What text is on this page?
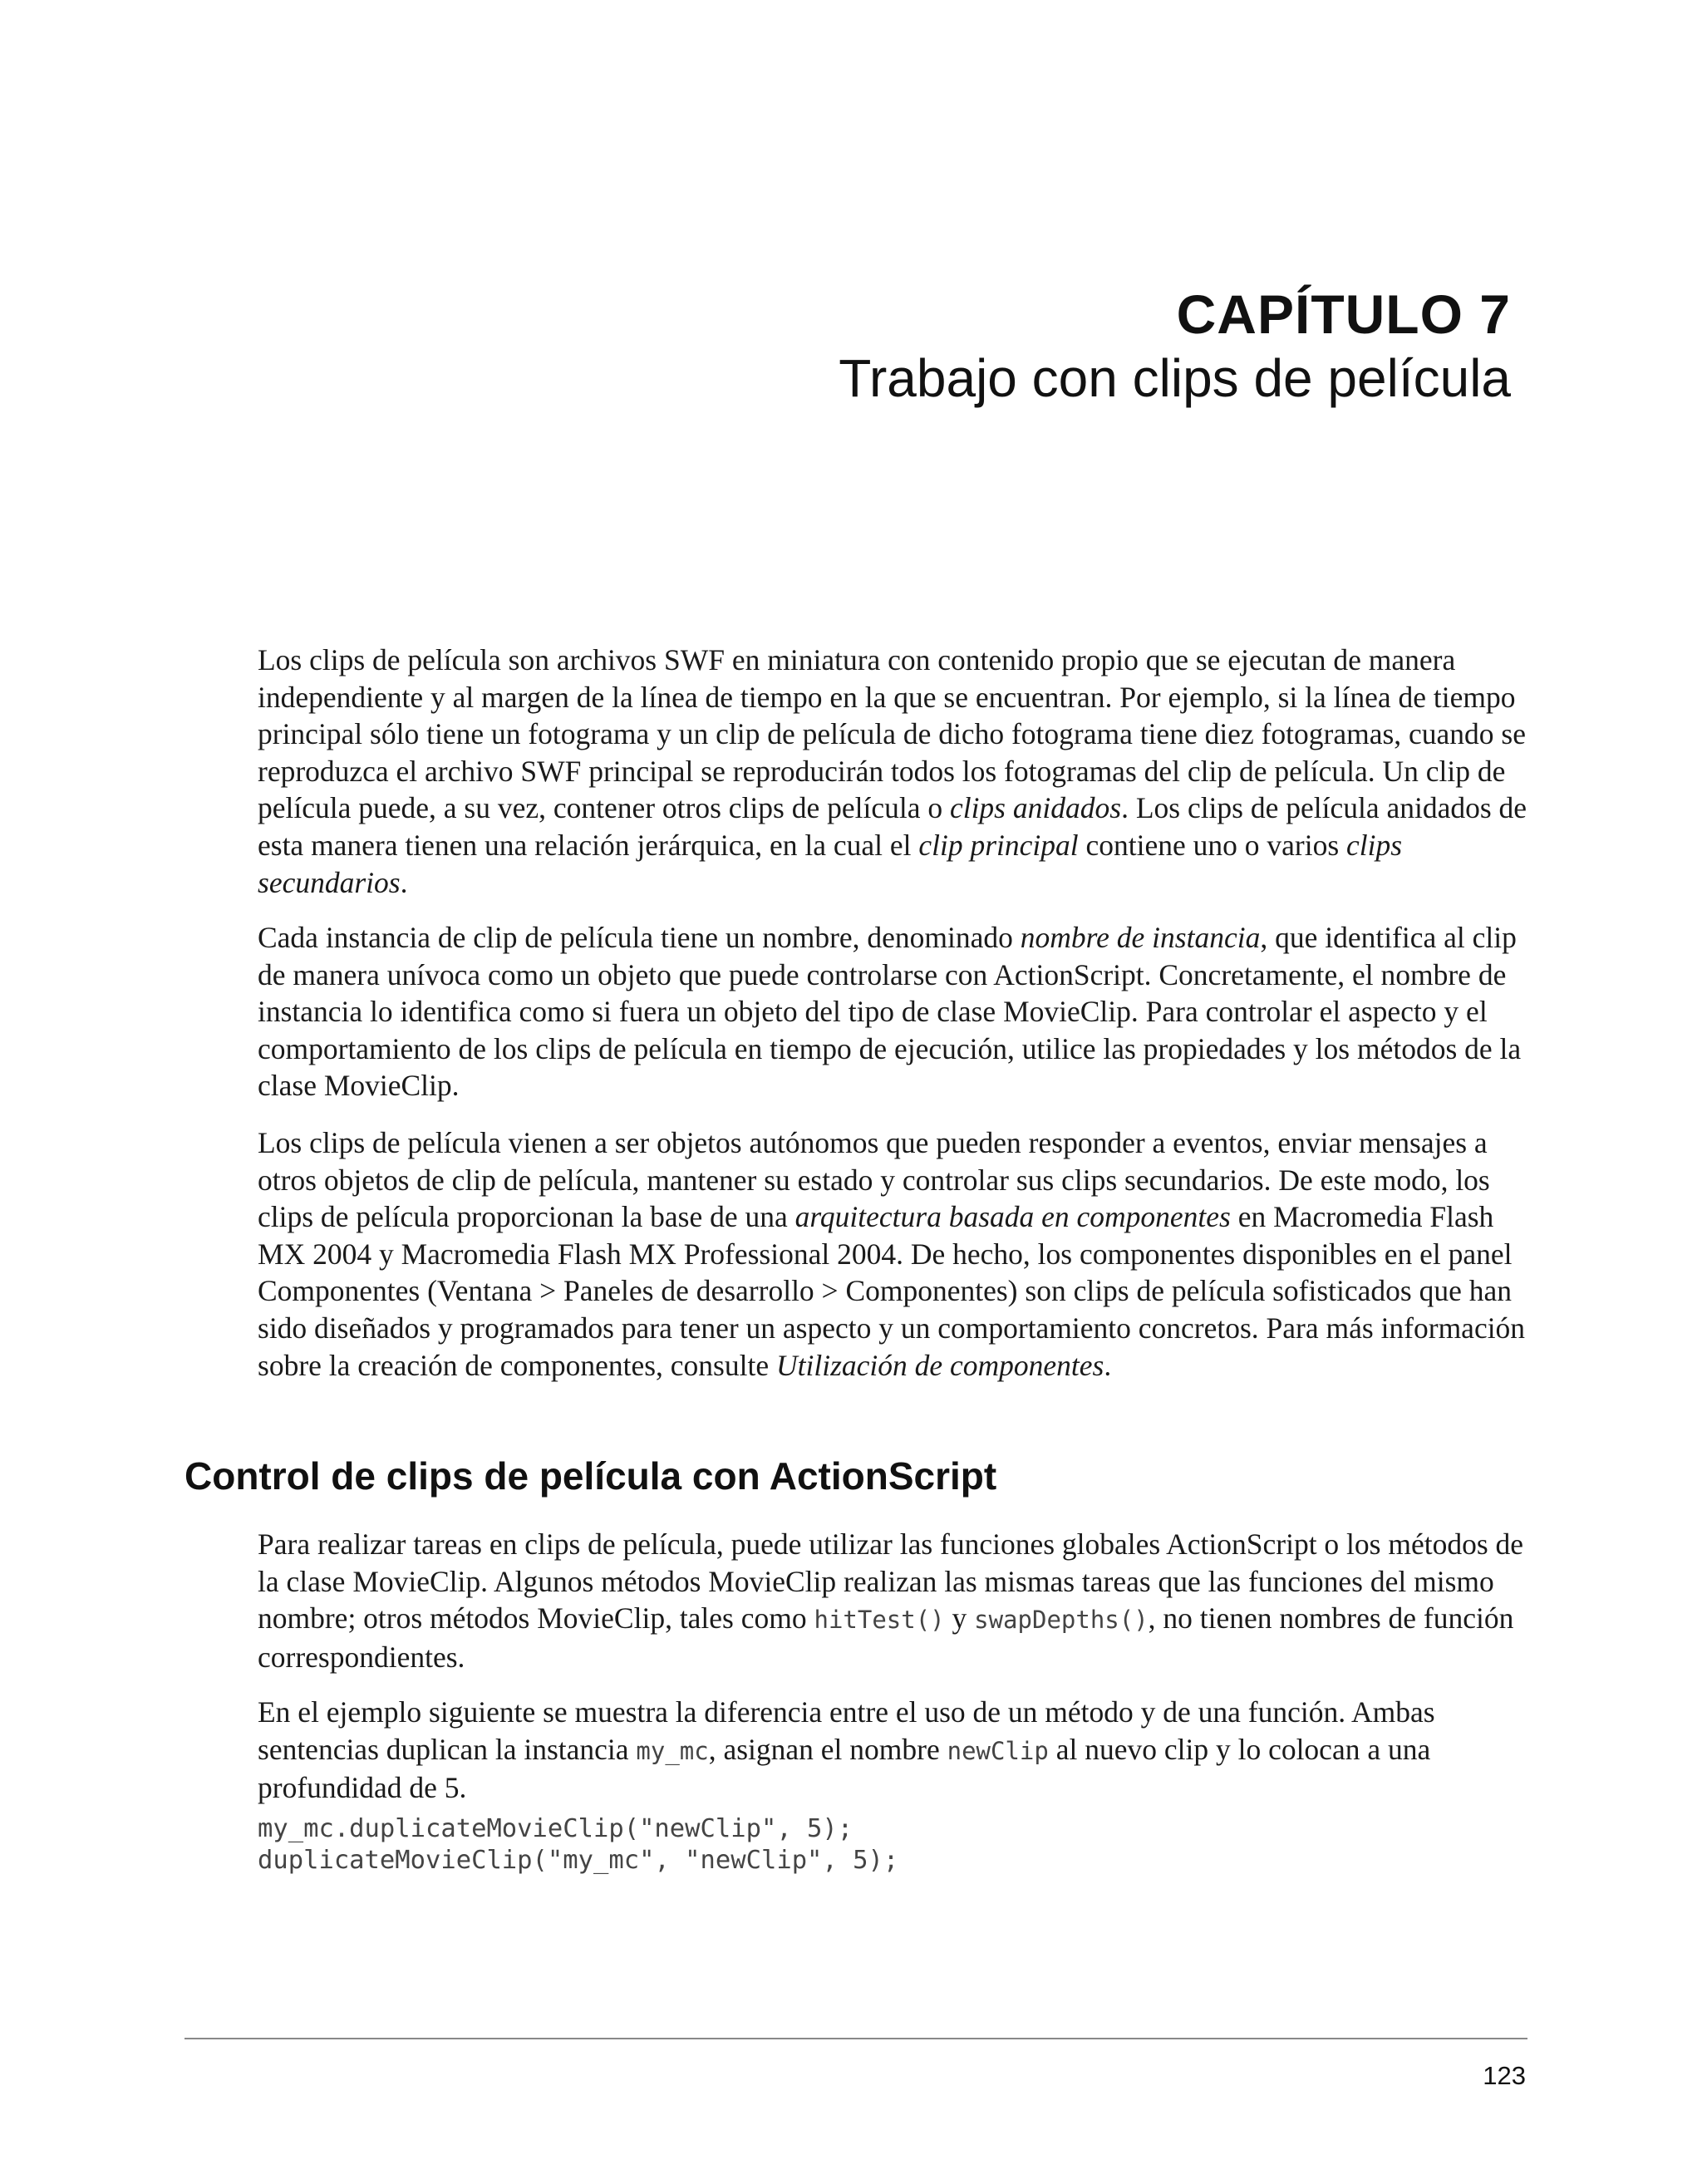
CAPÍTULO 7
Trabajo con clips de película

Los clips de película son archivos SWF en miniatura con contenido propio que se ejecutan de manera independiente y al margen de la línea de tiempo en la que se encuentran. Por ejemplo, si la línea de tiempo principal sólo tiene un fotograma y un clip de película de dicho fotograma tiene diez fotogramas, cuando se reproduzca el archivo SWF principal se reproducirán todos los fotogramas del clip de película. Un clip de película puede, a su vez, contener otros clips de película o clips anidados. Los clips de película anidados de esta manera tienen una relación jerárquica, en la cual el clip principal contiene uno o varios clips secundarios.

Cada instancia de clip de película tiene un nombre, denominado nombre de instancia, que identifica al clip de manera unívoca como un objeto que puede controlarse con ActionScript. Concretamente, el nombre de instancia lo identifica como si fuera un objeto del tipo de clase MovieClip. Para controlar el aspecto y el comportamiento de los clips de película en tiempo de ejecución, utilice las propiedades y los métodos de la clase MovieClip.

Los clips de película vienen a ser objetos autónomos que pueden responder a eventos, enviar mensajes a otros objetos de clip de película, mantener su estado y controlar sus clips secundarios. De este modo, los clips de película proporcionan la base de una arquitectura basada en componentes en Macromedia Flash MX 2004 y Macromedia Flash MX Professional 2004. De hecho, los componentes disponibles en el panel Componentes (Ventana > Paneles de desarrollo > Componentes) son clips de película sofisticados que han sido diseñados y programados para tener un aspecto y un comportamiento concretos. Para más información sobre la creación de componentes, consulte Utilización de componentes.

Control de clips de película con ActionScript

Para realizar tareas en clips de película, puede utilizar las funciones globales ActionScript o los métodos de la clase MovieClip. Algunos métodos MovieClip realizan las mismas tareas que las funciones del mismo nombre; otros métodos MovieClip, tales como hitTest() y swapDepths(), no tienen nombres de función correspondientes.

En el ejemplo siguiente se muestra la diferencia entre el uso de un método y de una función. Ambas sentencias duplican la instancia my_mc, asignan el nombre newClip al nuevo clip y lo colocan a una profundidad de 5.

my_mc.duplicateMovieClip("newClip", 5);
duplicateMovieClip("my_mc", "newClip", 5);

123
